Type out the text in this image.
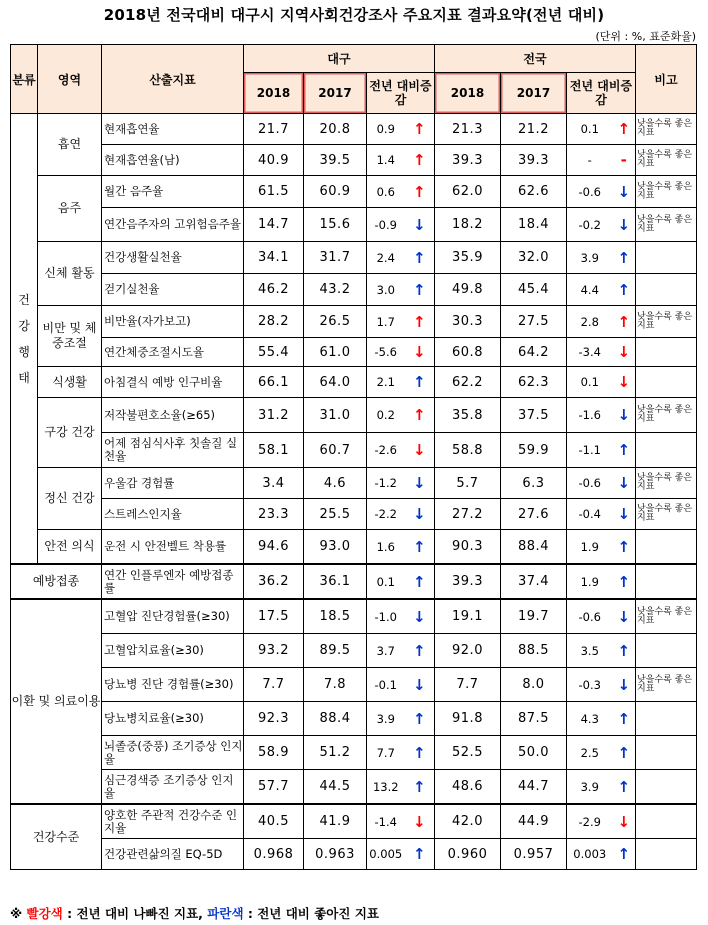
2018년 전국대비 대구시 지역사회건강조사 주요지표 결과요약(전년 대비)
(단위 : %, 표준화율)
분류	영역	산출지표	대구				전국				비고
			2018	2017	전년 대비증감		2018	2017	전년 대비증감		
건 강 행 태	흡연	현재흡연율	21.7	20.8	0.9	↑	21.3	21.2	0.1	↑	낮을수록 좋은지표
		현재흡연율(남)	40.9	39.5	1.4	↑	39.3	39.3	-	-	낮을수록 좋은지표
	음주	월간 음주율	61.5	60.9	0.6	↑	62.0	62.6	-0.6	↓	낮을수록 좋은지표
		연간음주자의 고위험음주율	14.7	15.6	-0.9	↓	18.2	18.4	-0.2	↓	낮을수록 좋은지표
	신체 활동	건강생활실천율	34.1	31.7	2.4	↑	35.9	32.0	3.9	↑	
		걷기실천율	46.2	43.2	3.0	↑	49.8	45.4	4.4	↑	
	비만 및 체중조절	비만율(자가보고)	28.2	26.5	1.7	↑	30.3	27.5	2.8	↑	낮을수록 좋은지표
		연간체중조절시도율	55.4	61.0	-5.6	↓	60.8	64.2	-3.4	↓	
	식생활	아침결식 예방 인구비율	66.1	64.0	2.1	↑	62.2	62.3	0.1	↓	
	구강 건강	저작불편호소율(≥65)	31.2	31.0	0.2	↑	35.8	37.5	-1.6	↓	낮을수록 좋은지표
		어제 점심식사후 칫솔질 실천율	58.1	60.7	-2.6	↓	58.8	59.9	-1.1	↑	
	정신 건강	우울감 경험률	3.4	4.6	-1.2	↓	5.7	6.3	-0.6	↓	낮을수록 좋은지표
		스트레스인지율	23.3	25.5	-2.2	↓	27.2	27.6	-0.4	↓	낮을수록 좋은지표
	안전 의식	운전 시 안전벨트 착용률	94.6	93.0	1.6	↑	90.3	88.4	1.9	↑	
예방접종		연간 인플루엔자 예방접종률	36.2	36.1	0.1	↑	39.3	37.4	1.9	↑	
이환 및 의료이용		고혈압 진단경험률(≥30)	17.5	18.5	-1.0	↓	19.1	19.7	-0.6	↓	낮을수록 좋은지표
		고혈압치료율(≥30)	93.2	89.5	3.7	↑	92.0	88.5	3.5	↑	
		당뇨병 진단 경험률(≥30)	7.7	7.8	-0.1	↓	7.7	8.0	-0.3	↓	낮을수록 좋은지표
		당뇨병치료율(≥30)	92.3	88.4	3.9	↑	91.8	87.5	4.3	↑	
		뇌졸중(중풍) 조기증상 인지율	58.9	51.2	7.7	↑	52.5	50.0	2.5	↑	
		심근경색증 조기증상 인지율	57.7	44.5	13.2	↑	48.6	44.7	3.9	↑	
건강수준		양호한 주관적 건강수준 인지율	40.5	41.9	-1.4	↓	42.0	44.9	-2.9	↓	
		건강관련삶의질 EQ-5D	0.968	0.963	0.005	↑	0.960	0.957	0.003	↑	
※ 빨강색 : 전년 대비 나빠진 지표, 파란색 : 전년 대비 좋아진 지표
